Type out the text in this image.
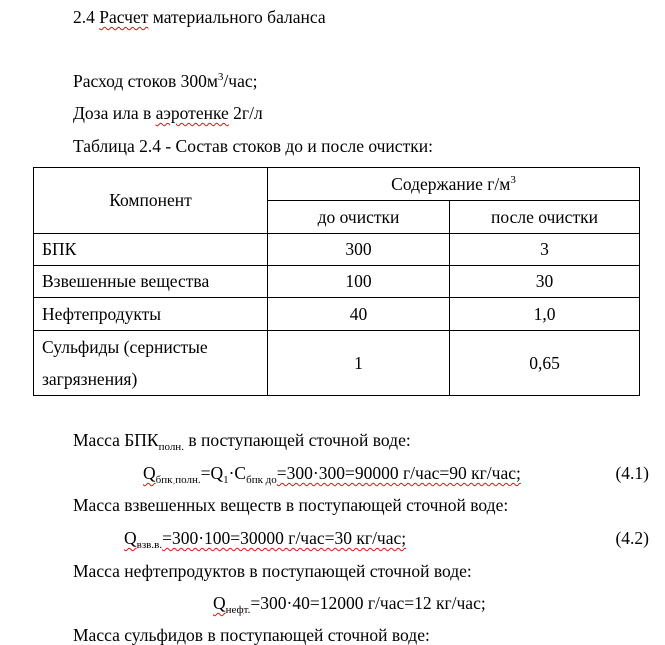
2.4 Расчет материального баланса
Расход стоков $300м^3$/час;
Доза ила в аэротенке 2г/л
Таблица 2.4 - Состав стоков до и после очистки:
Компонент	Содержание $г/м^3$
	до очистки	после очистки
БПК	300	3
Взвешенные вещества	100	30
Нефтепродукты	40	1,0
Сульфиды (сернистые
загрязнения)	1	0,65
Масса $БПК_{полн.}$ в поступающей сточной воде:
$Q_{бпк полн.}=Q_1\cdot С_{бпк до}=300\cdot 300=90000$ г/час=90 кг/час;	(4.1)
Масса взвешенных веществ в поступающей сточной воде:
$Q_{взв.в.}=300\cdot 100=30000$ г/час=30 кг/час;	(4.2)
Масса нефтепродуктов в поступающей сточной воде:
$Q_{нефт.}=300\cdot 40=12000$ г/час=12 кг/час;
Масса сульфидов в поступающей сточной воде:
